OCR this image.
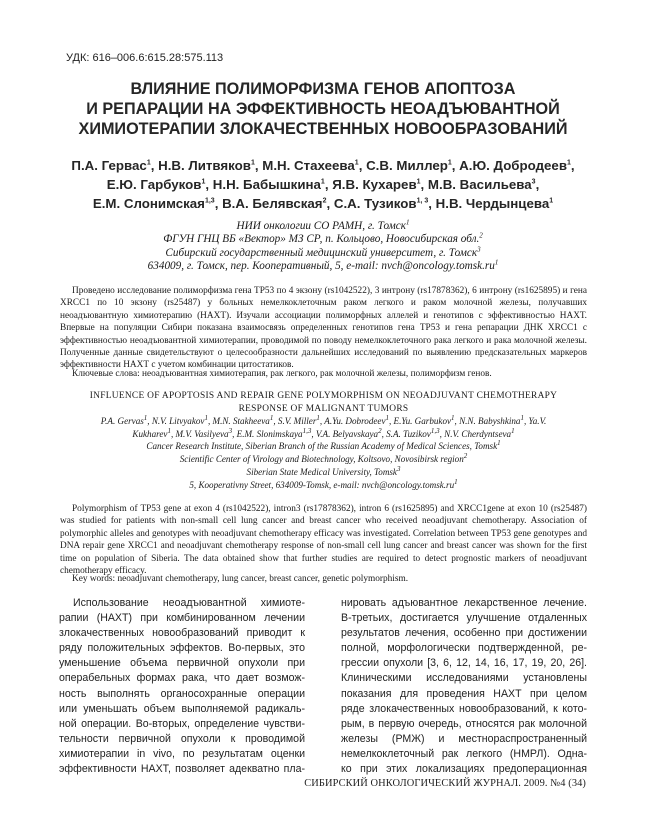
УДК: 616–006.6:615.28:575.113
ВЛИЯНИЕ ПОЛИМОРФИЗМА ГЕНОВ АПОПТОЗА
И РЕПАРАЦИИ НА ЭФФЕКТИВНОСТЬ НЕОАДЪЮВАНТНОЙ
ХИМИОТЕРАПИИ ЗЛОКАЧЕСТВЕННЫХ НОВООБРАЗОВАНИЙ
П.А. Гервас$^1$, Н.В. Литвяков$^1$, М.Н. Стахеева$^1$, С.В. Миллер$^1$, А.Ю. Добродеев$^1$,
Е.Ю. Гарбуков$^1$, Н.Н. Бабышкина$^1$, Я.В. Кухарев$^1$, М.В. Васильева$^3$,
Е.М. Слонимская$^{1,3}$, В.А. Белявская$^2$, С.А. Тузиков$^{1, 3}$, Н.В. Чердынцева$^1$
НИИ онкологии СО РАМН, г. Томск$^1$
ФГУН ГНЦ ВБ «Вектор» МЗ СР, п. Кольцово, Новосибирская обл.$^2$
Сибирский государственный медицинский университет, г. Томск$^3$
634009, г. Томск, пер. Кооперативный, 5, e-mail: $nvch@oncology.tomsk.ru^1$

Проведено исследование полиморфизма гена TP53 по 4 экзону (rs1042522), 3 интрону (rs17878362), 6 интрону (rs1625895) и гена XRCC1 по 10 экзону (rs25487) у больных немелкоклеточным раком легкого и раком молочной железы, получавших неоадъювантную химиотерапию (НАХТ). Изучали ассоциации полиморфных аллелей и генотипов с эффективностью НАХТ. Впервые на популяции Сибири показана взаимосвязь определенных генотипов гена TP53 и гена репарации ДНК XRCC1 с эффективностью неоадъювантной химиотерапии, проводимой по поводу немелкоклеточного рака легкого и рака молочной железы. Полученные данные свидетельствуют о целесообразности дальнейших исследований по выявлению предсказательных маркеров эффективности НАХТ с учетом комбинации цитостатиков.

Ключевые слова: неоадъювантная химиотерапия, рак легкого, рак молочной железы, полиморфизм генов.

INFLUENCE OF APOPTOSIS AND REPAIR GENE POLYMORPHISM ON NEOADJUVANT CHEMOTHERAPY
RESPONSE OF MALIGNANT TUMORS
P.A. Gervas$^1$, N.V. Litvyakov$^1$, M.N. Stakheeva$^1$, S.V. Miller$^1$, A.Yu. Dobrodeev$^1$, E.Yu. Garbukov$^1$, N.N. Babyshkina$^1$, Ya.V.
Kukharev$^1$, M.V. Vasilyeva$^3$, E.M. Slonimskaya$^{1,3}$, V.A. Belyavskaya$^2$, S.A. Tuzikov$^{1,3}$, N.V. Cherdyntseva$^1$
Cancer Research Institute, Siberian Branch of the Russian Academy of Medical Sciences, Tomsk$^1$
Scientific Center of Virology and Biotechnology, Koltsovo, Novosibirsk region$^2$
Siberian State Medical University, Tomsk$^3$
5, Kooperativny Street, 634009-Tomsk, e-mail: $nvch@oncology.tomsk.ru^1$

Polymorphism of TP53 gene at exon 4 (rs1042522), intron3 (rs17878362), intron 6 (rs1625895) and XRCC1gene at exon 10 (rs25487) was studied for patients with non-small cell lung cancer and breast cancer who received neoadjuvant chemotherapy. Association of polymorphic alleles and genotypes with neoadjuvant chemotherapy efficacy was investigated. Correlation between TP53 gene genotypes and DNA repair gene XRCC1 and neoadjuvant chemotherapy response of non-small cell lung cancer and breast cancer was shown for the first time on population of Siberia. The data obtained show that further studies are required to detect prognostic markers of neoadjuvant chemotherapy efficacy.

Key words: neoadjuvant chemotherapy, lung cancer, breast cancer, genetic polymorphism.

Использование неоадъювантной химиоте-
рапии (НАХТ) при комбинированном лечении
злокачественных новообразований приводит к
ряду положительных эффектов. Во-первых, это
уменьшение объема первичной опухоли при
операбельных формах рака, что дает возмож-
ность выполнять органосохранные операции
или уменьшать объем выполняемой радикаль-
ной операции. Во-вторых, определение чувстви-
тельности первичной опухоли к проводимой
химиотерапии in vivo, по результатам оценки
эффективности НАХТ, позволяет адекватно пла-
нировать адъювантное лекарственное лечение.
В-третьих, достигается улучшение отдаленных
результатов лечения, особенно при достижении
полной, морфологически подтвержденной, ре-
грессии опухоли [3, 6, 12, 14, 16, 17, 19, 20, 26].
Клиническими исследованиями установлены
показания для проведения НАХТ при целом
ряде злокачественных новообразований, к кото-
рым, в первую очередь, относятся рак молочной
железы (РМЖ) и местнораспространенный
немелкоклеточный рак легкого (НМРЛ). Одна-
ко при этих локализациях предоперационная
СИБИРСКИЙ ОНКОЛОГИЧЕСКИЙ ЖУРНАЛ. 2009. №4 (34)
